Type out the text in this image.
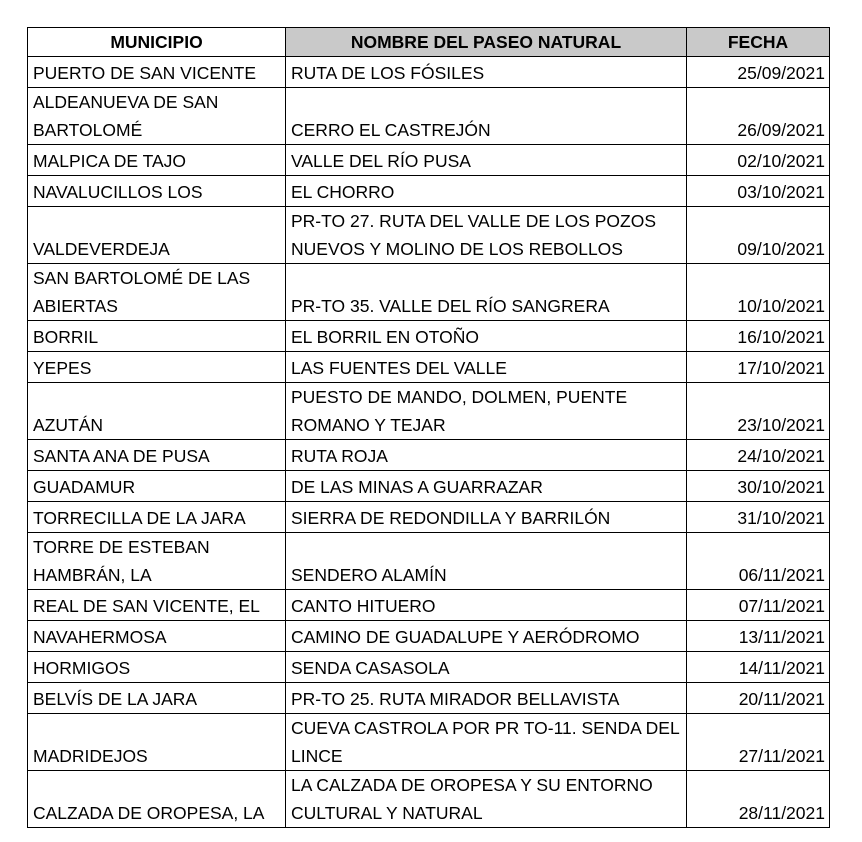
MUNICIPIO	NOMBRE DEL PASEO NATURAL	FECHA
PUERTO DE SAN VICENTE	RUTA DE LOS FÓSILES	25/09/2021
ALDEANUEVA DE SAN BARTOLOMÉ	CERRO EL CASTREJÓN	26/09/2021
MALPICA DE TAJO	VALLE DEL RÍO PUSA	02/10/2021
NAVALUCILLOS LOS	EL CHORRO	03/10/2021
VALDEVERDEJA	PR-TO 27. RUTA DEL VALLE DE LOS POZOS NUEVOS Y MOLINO DE LOS REBOLLOS	09/10/2021
SAN BARTOLOMÉ DE LAS ABIERTAS	PR-TO 35. VALLE DEL RÍO SANGRERA	10/10/2021
BORRIL	EL BORRIL EN OTOÑO	16/10/2021
YEPES	LAS FUENTES DEL VALLE	17/10/2021
AZUTÁN	PUESTO DE MANDO, DOLMEN, PUENTE ROMANO Y TEJAR	23/10/2021
SANTA ANA DE PUSA	RUTA ROJA	24/10/2021
GUADAMUR	DE LAS MINAS A GUARRAZAR	30/10/2021
TORRECILLA DE LA JARA	SIERRA DE REDONDILLA Y BARRILÓN	31/10/2021
TORRE DE ESTEBAN HAMBRÁN, LA	SENDERO ALAMÍN	06/11/2021
REAL DE SAN VICENTE, EL	CANTO HITUERO	07/11/2021
NAVAHERMOSA	CAMINO DE GUADALUPE Y AERÓDROMO	13/11/2021
HORMIGOS	SENDA CASASOLA	14/11/2021
BELVÍS DE LA JARA	PR-TO 25. RUTA MIRADOR BELLAVISTA	20/11/2021
MADRIDEJOS	CUEVA CASTROLA POR PR TO-11. SENDA DEL LINCE	27/11/2021
CALZADA DE OROPESA, LA	LA CALZADA DE OROPESA Y SU ENTORNO CULTURAL Y NATURAL	28/11/2021
